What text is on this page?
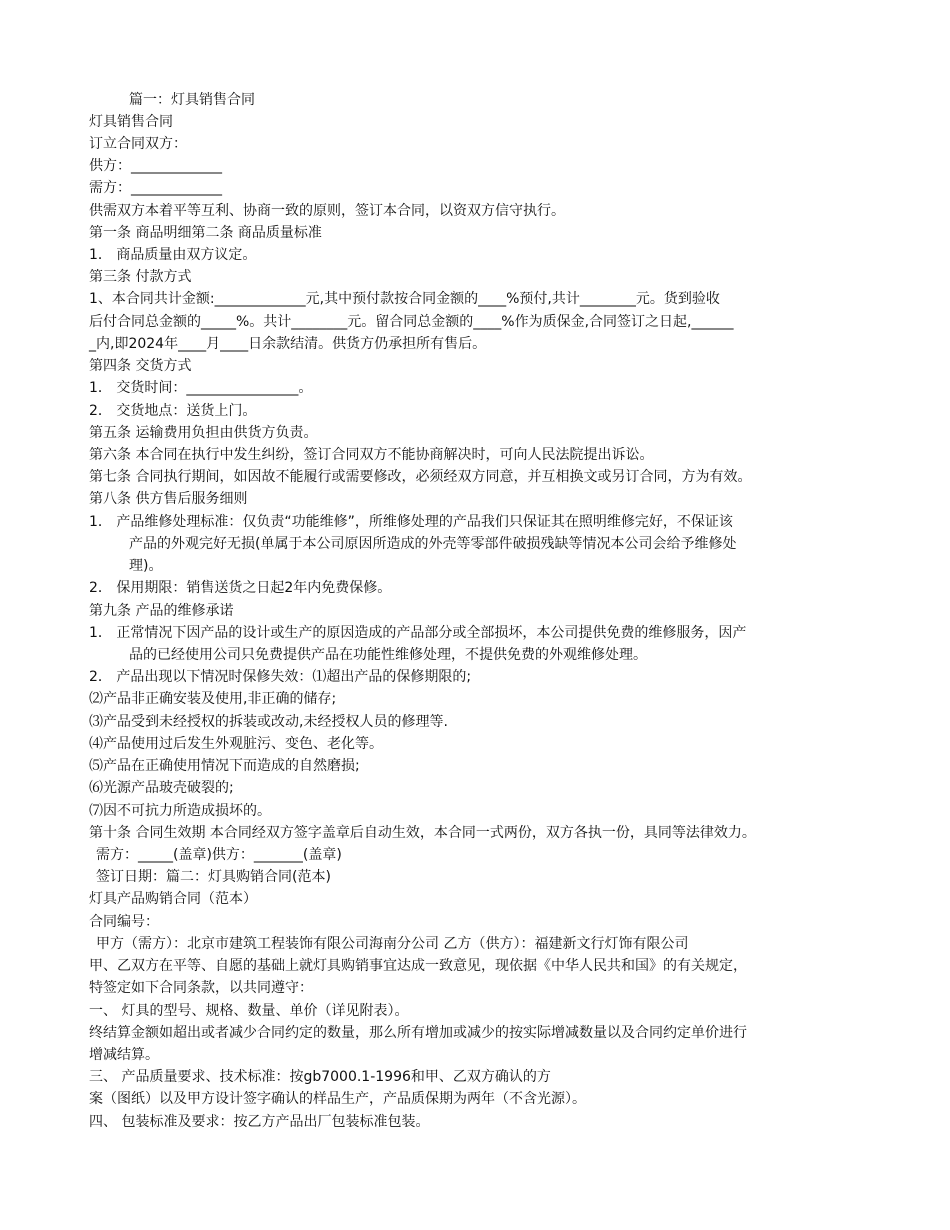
篇一：灯具销售合同
灯具销售合同
订立合同双方：
供方：_____________
需方：_____________
供需双方本着平等互利、协商一致的原则，签订本合同，以资双方信守执行。
第一条 商品明细第二条 商品质量标准
1． 商品质量由双方议定。
第三条 付款方式
1、本合同共计金额:_____________元,其中预付款按合同金额的____%预付,共计________元。货到验收
后付合同总金额的_____%。共计________元。留合同总金额的____%作为质保金,合同签订之日起,______
_内,即2024年____月____日余款结清。供货方仍承担所有售后。
第四条 交货方式
1． 交货时间：________________。
2． 交货地点：送货上门。
第五条 运输费用负担由供货方负责。
第六条 本合同在执行中发生纠纷，签订合同双方不能协商解决时，可向人民法院提出诉讼。
第七条 合同执行期间，如因故不能履行或需要修改，必须经双方同意，并互相换文或另订合同，方为有效。
第八条 供方售后服务细则
1． 产品维修处理标准：仅负责“功能维修”，所维修处理的产品我们只保证其在照明维修完好，不保证该
产品的外观完好无损(单属于本公司原因所造成的外壳等零部件破损残缺等情况本公司会给予维修处
理)。
2． 保用期限：销售送货之日起2年内免费保修。
第九条 产品的维修承诺
1． 正常情况下因产品的设计或生产的原因造成的产品部分或全部损坏，本公司提供免费的维修服务，因产
品的已经使用公司只免费提供产品在功能性维修处理，不提供免费的外观维修处理。
2． 产品出现以下情况时保修失效：⑴超出产品的保修期限的;
⑵产品非正确安装及使用,非正确的储存;
⑶产品受到未经授权的拆装或改动,未经授权人员的修理等.
⑷产品使用过后发生外观脏污、变色、老化等。
⑸产品在正确使用情况下而造成的自然磨损;
⑹光源产品玻壳破裂的;
⑺因不可抗力所造成损坏的。
第十条 合同生效期 本合同经双方签字盖章后自动生效，本合同一式两份，双方各执一份，具同等法律效力。
需方：_____(盖章)供方：_______(盖章)
签订日期：篇二：灯具购销合同(范本)
灯具产品购销合同（范本）
合同编号：
甲方（需方）：北京市建筑工程装饰有限公司海南分公司 乙方（供方）：福建新文行灯饰有限公司
甲、乙双方在平等、自愿的基础上就灯具购销事宜达成一致意见，现依据《中华人民共和国》的有关规定，
特签定如下合同条款，以共同遵守：
一、 灯具的型号、规格、数量、单价（详见附表）。
终结算金额如超出或者减少合同约定的数量，那么所有增加或减少的按实际增减数量以及合同约定单价进行
增减结算。
三、 产品质量要求、技术标准：按gb7000.1-1996和甲、乙双方确认的方
案（图纸）以及甲方设计签字确认的样品生产，产品质保期为两年（不含光源）。
四、 包装标准及要求：按乙方产品出厂包装标准包装。
